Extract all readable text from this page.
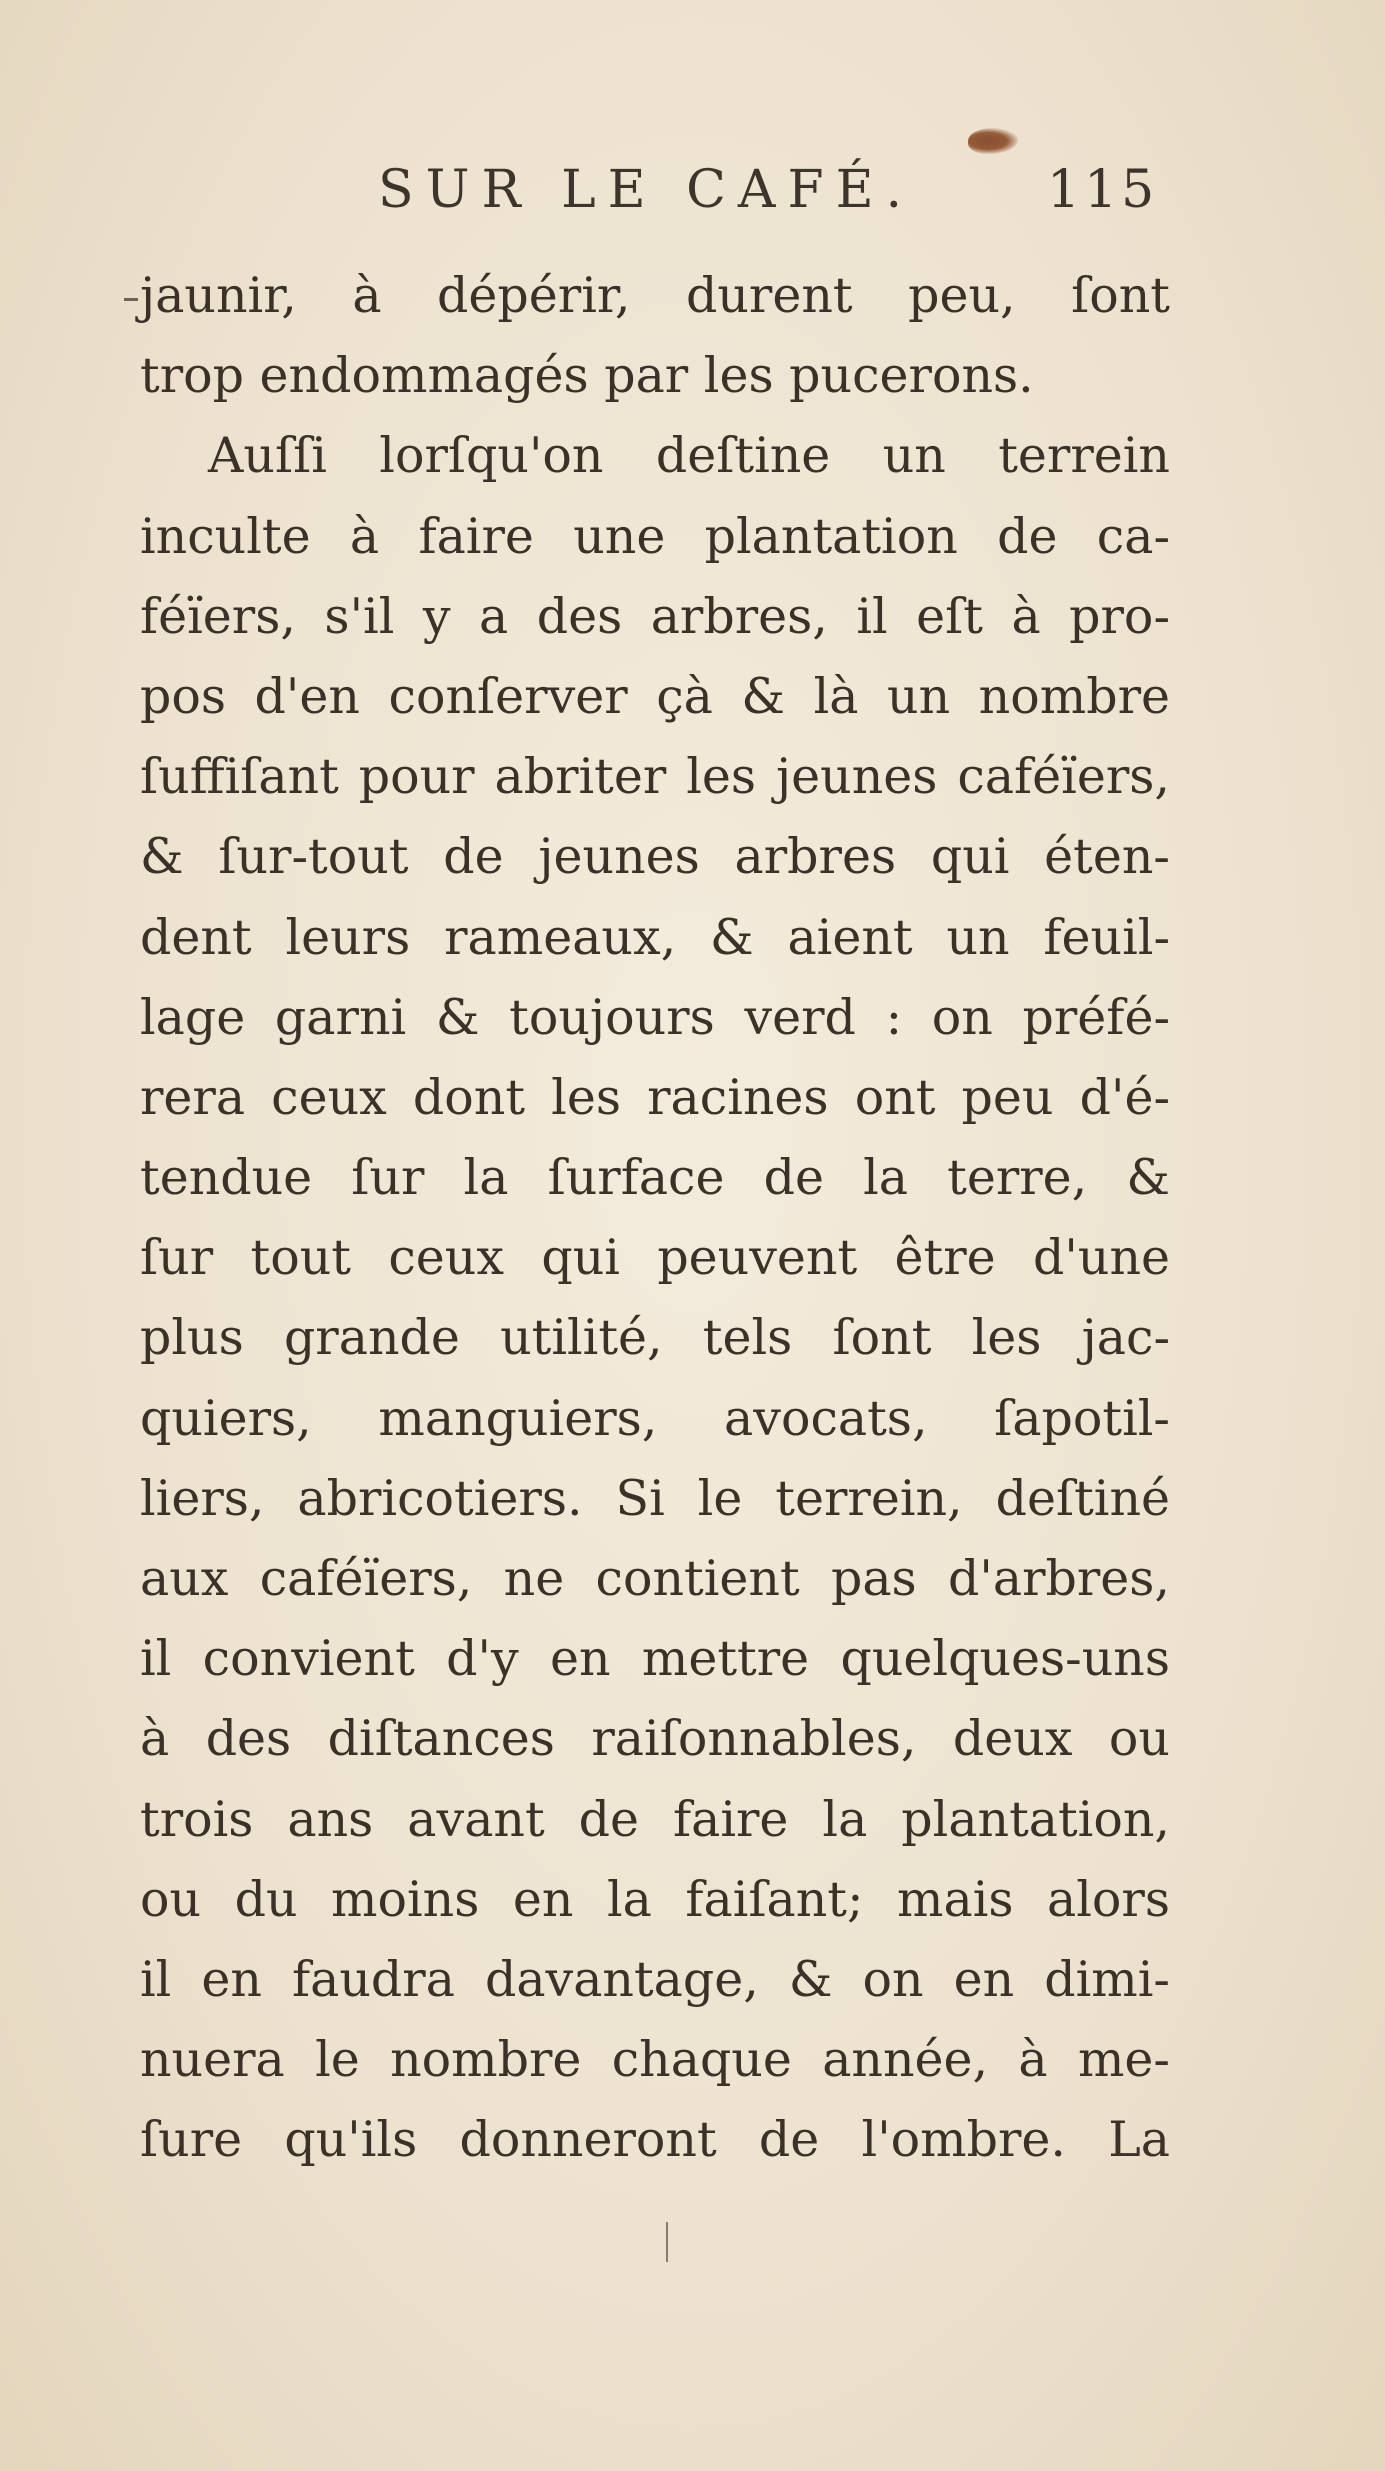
SUR LE CAFÉ.	115
jaunir, à dépérir, durent peu, ſont
trop endommagés par les pucerons.
Auſſi lorſqu'on deſtine un terrein
inculte à faire une plantation de ca-
féïers, s'il y a des arbres, il eſt à pro-
pos d'en conſerver çà & là un nombre
ſuffiſant pour abriter les jeunes caféïers,
& ſur-tout de jeunes arbres qui éten-
dent leurs rameaux, & aient un feuil-
lage garni & toujours verd : on préfé-
rera ceux dont les racines ont peu d'é-
tendue ſur la ſurface de la terre, &
ſur tout ceux qui peuvent être d'une
plus grande utilité, tels ſont les jac-
quiers, manguiers, avocats, ſapotil-
liers, abricotiers. Si le terrein, deſtiné
aux caféïers, ne contient pas d'arbres,
il convient d'y en mettre quelques-uns
à des diſtances raiſonnables, deux ou
trois ans avant de faire la plantation,
ou du moins en la faiſant; mais alors
il en faudra davantage, & on en dimi-
nuera le nombre chaque année, à me-
ſure qu'ils donneront de l'ombre. La
